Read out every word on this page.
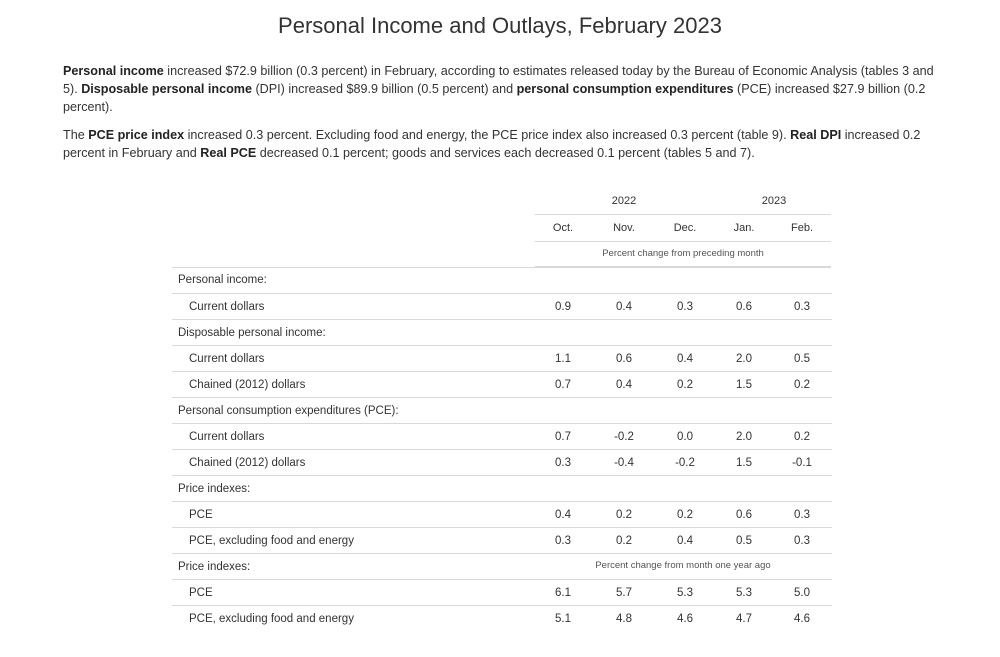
Personal Income and Outlays, February 2023

Personal income increased $72.9 billion (0.3 percent) in February, according to estimates released today by the Bureau of Economic Analysis (tables 3 and 5). Disposable personal income (DPI) increased $89.9 billion (0.5 percent) and personal consumption expenditures (PCE) increased $27.9 billion (0.2 percent).

The PCE price index increased 0.3 percent. Excluding food and energy, the PCE price index also increased 0.3 percent (table 9). Real DPI increased 0.2 percent in February and Real PCE decreased 0.1 percent; goods and services each decreased 0.1 percent (tables 5 and 7).

2022	2023
Oct.	Nov.	Dec.	Jan.	Feb.
Percent change from preceding month
Personal income:
Current dollars	0.9	0.4	0.3	0.6	0.3
Disposable personal income:
Current dollars	1.1	0.6	0.4	2.0	0.5
Chained (2012) dollars	0.7	0.4	0.2	1.5	0.2
Personal consumption expenditures (PCE):
Current dollars	0.7	-0.2	0.0	2.0	0.2
Chained (2012) dollars	0.3	-0.4	-0.2	1.5	-0.1
Price indexes:
PCE	0.4	0.2	0.2	0.6	0.3
PCE, excluding food and energy	0.3	0.2	0.4	0.5	0.3
Price indexes:
PCE	6.1	5.7	5.3	5.3	5.0
PCE, excluding food and energy	5.1	4.8	4.6	4.7	4.6
Percent change from month one year ago
